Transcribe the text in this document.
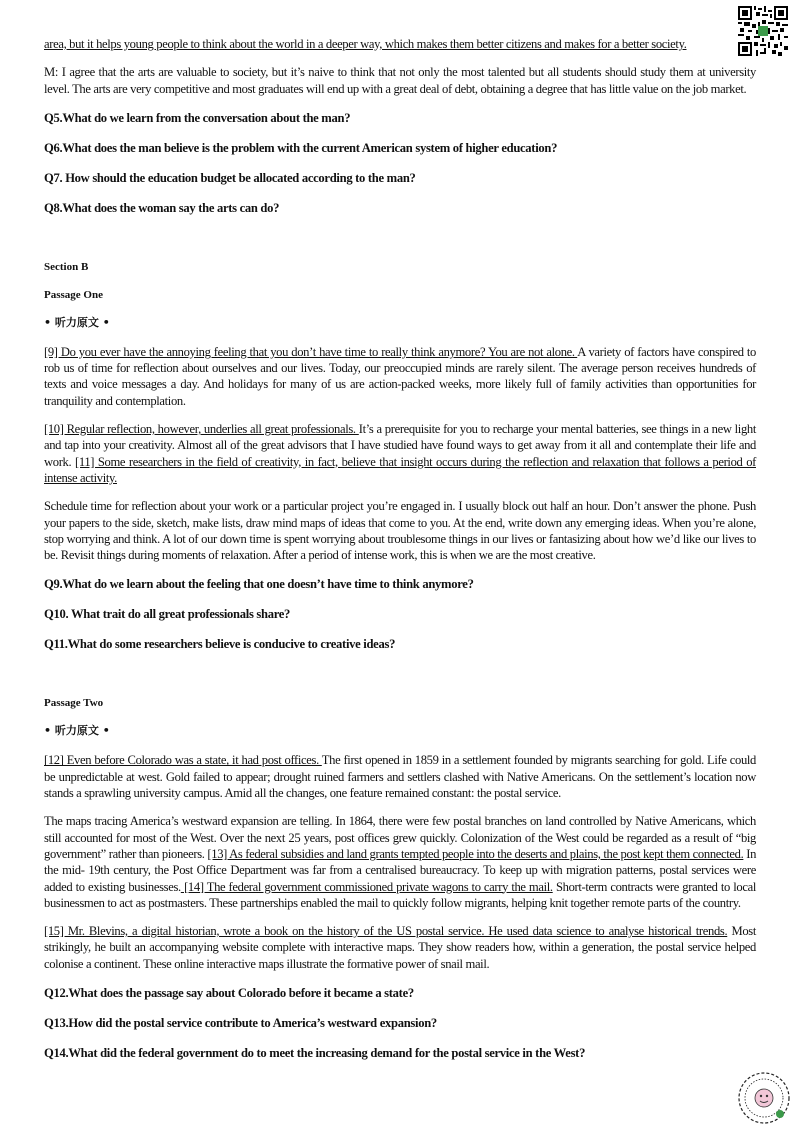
area, but it helps young people to think about the world in a deeper way, which makes them better citizens and makes for a better society.

M: I agree that the arts are valuable to society, but it’s naive to think that not only the most talented but all students should study them at university level. The arts are very competitive and most graduates will end up with a great deal of debt, obtaining a degree that has little value on the job market.

Q5.What do we learn from the conversation about the man?
Q6.What does the man believe is the problem with the current American system of higher education?
Q7. How should the education budget be allocated according to the man?
Q8.What does the woman say the arts can do?
Section B
Passage One
• 听力原文 •

[9] Do you ever have the annoying feeling that you don’t have time to really think anymore? You are not alone. A variety of factors have conspired to rob us of time for reflection about ourselves and our lives. Today, our preoccupied minds are rarely silent. The average person receives hundreds of texts and voice messages a day. And holidays for many of us are action-packed weeks, more likely full of family activities than opportunities for tranquility and contemplation.

[10] Regular reflection, however, underlies all great professionals. It’s a prerequisite for you to recharge your mental batteries, see things in a new light and tap into your creativity. Almost all of the great advisors that I have studied have found ways to get away from it all and contemplate their life and work. [11] Some researchers in the field of creativity, in fact, believe that insight occurs during the reflection and relaxation that follows a period of intense activity.

Schedule time for reflection about your work or a particular project you’re engaged in. I usually block out half an hour. Don’t answer the phone. Push your papers to the side, sketch, make lists, draw mind maps of ideas that come to you. At the end, write down any emerging ideas. When you’re alone, stop worrying and think. A lot of our down time is spent worrying about troublesome things in our lives or fantasizing about how we’d like our lives to be. Revisit things during moments of relaxation. After a period of intense work, this is when we are the most creative.

Q9.What do we learn about the feeling that one doesn’t have time to think anymore?
Q10. What trait do all great professionals share?
Q11.What do some researchers believe is conducive to creative ideas?
Passage Two
• 听力原文 •

[12] Even before Colorado was a state, it had post offices. The first opened in 1859 in a settlement founded by migrants searching for gold. Life could be unpredictable at west. Gold failed to appear; drought ruined farmers and settlers clashed with Native Americans. On the settlement’s location now stands a sprawling university campus. Amid all the changes, one feature remained constant: the postal service.

The maps tracing America’s westward expansion are telling. In 1864, there were few postal branches on land controlled by Native Americans, which still accounted for most of the West. Over the next 25 years, post offices grew quickly. Colonization of the West could be regarded as a result of “big government” rather than pioneers. [13] As federal subsidies and land grants tempted people into the deserts and plains, the post kept them connected. In the mid- 19th century, the Post Office Department was far from a centralised bureaucracy. To keep up with migration patterns, postal services were added to existing businesses. [14] The federal government commissioned private wagons to carry the mail. Short-term contracts were granted to local businessmen to act as postmasters. These partnerships enabled the mail to quickly follow migrants, helping knit together remote parts of the country.

[15] Mr. Blevins, a digital historian, wrote a book on the history of the US postal service. He used data science to analyse historical trends. Most strikingly, he built an accompanying website complete with interactive maps. They show readers how, within a generation, the postal service helped colonise a continent. These online interactive maps illustrate the formative power of snail mail.

Q12.What does the passage say about Colorado before it became a state?
Q13.How did the postal service contribute to America’s westward expansion?
Q14.What did the federal government do to meet the increasing demand for the postal service in the West?
